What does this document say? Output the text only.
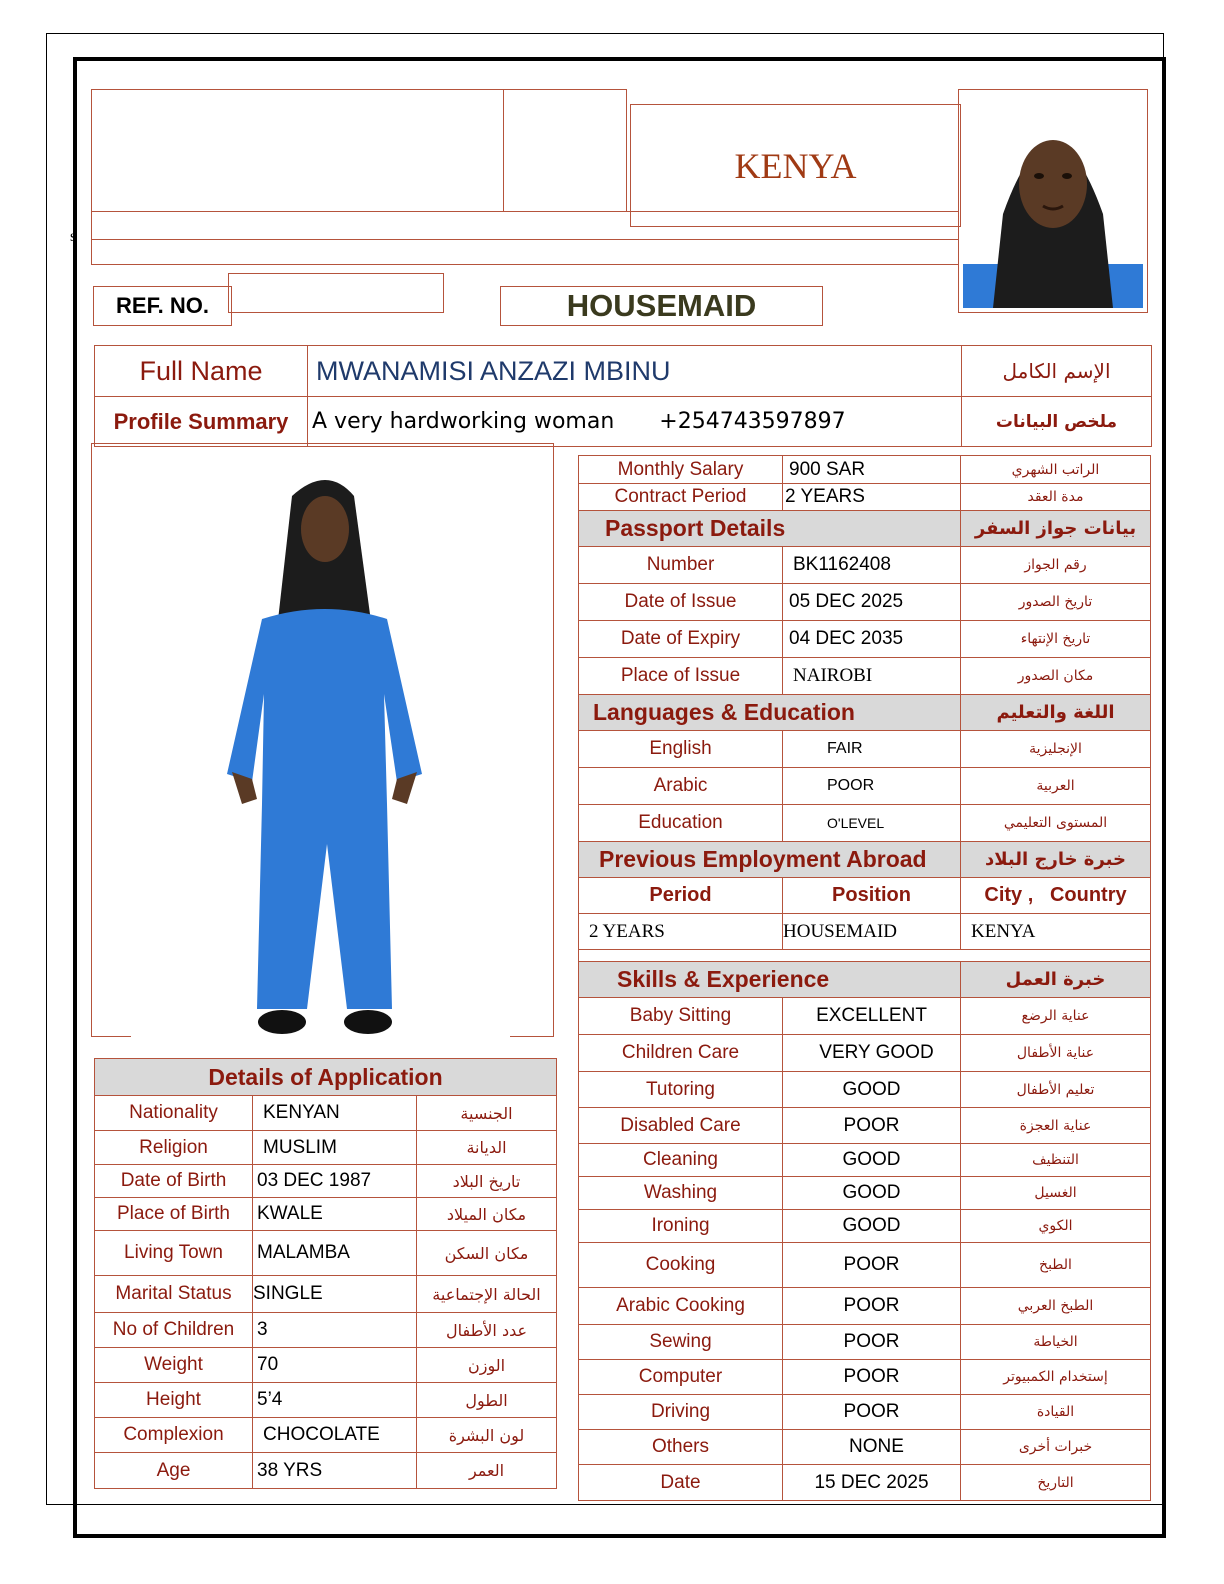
s
KENYA
REF. NO.	HOUSEMAID
Full Name	MWANAMISI ANZAZI MBINU	الإسم الكامل
Profile Summary	A very hardworking woman +254743597897	ملخص البيانات
Details of Application		
Nationality	KENYAN	الجنسية
Religion	MUSLIM	الديانة
Date of Birth	03 DEC 1987	تاريخ البلاد
Place of Birth	KWALE	مكان الميلاد
Living Town	MALAMBA	مكان السكن
Marital Status	SINGLE	الحالة الإجتماعية
No of Children	3	عدد الأطفال
Weight	70	الوزن
Height	5’4	الطول
Complexion	CHOCOLATE	لون البشرة
Age	38 YRS	العمر
Monthly Salary	900 SAR	الراتب الشهري
Contract Period	2 YEARS	مدة العقد
Passport Details		بيانات جواز السفر
Number	BK1162408	رقم الجواز
Date of Issue	05 DEC 2025	تاريخ الصدور
Date of Expiry	04 DEC 2035	تاريخ الإنتهاء
Place of Issue	NAIROBI	مكان الصدور
Languages & Education		اللغة والتعليم
English	FAIR	الإنجليزية
Arabic	POOR	العربية
Education	O'LEVEL	المستوى التعليمي
Previous Employment Abroad		خبرة خارج البلاد
Period	Position	City ,   Country
2 YEARS	HOUSEMAID	KENYA

Skills & Experience		خبرة العمل
Baby Sitting	EXCELLENT	عناية الرضع
Children Care	VERY GOOD	عناية الأطفال
Tutoring	GOOD	تعليم الأطفال
Disabled Care	POOR	عناية العجزة
Cleaning	GOOD	التنظيف
Washing	GOOD	الغسيل
Ironing	GOOD	الكوي
Cooking	POOR	الطبخ
Arabic Cooking	POOR	الطبخ العربي
Sewing	POOR	الخياطة
Computer	POOR	إستخدام الكمبيوتر
Driving	POOR	القيادة
Others	NONE	خبرات أخرى
Date	15 DEC 2025	التاريخ
